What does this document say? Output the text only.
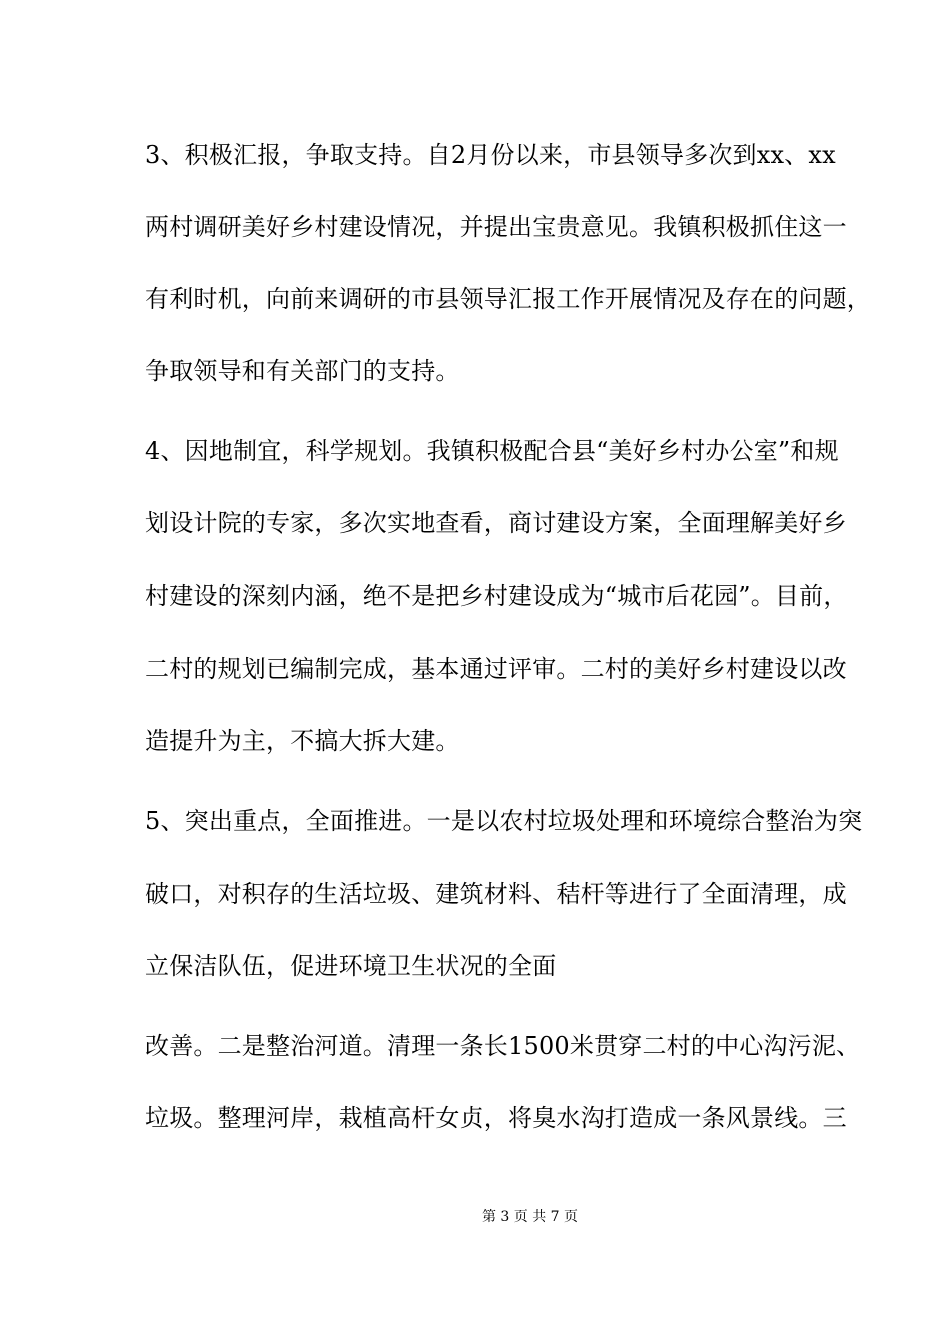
3、积极汇报，争取支持。自2月份以来，市县领导多次到xx、xx
两村调研美好乡村建设情况，并提出宝贵意见。我镇积极抓住这一
有利时机，向前来调研的市县领导汇报工作开展情况及存在的问题，
争取领导和有关部门的支持。
4、因地制宜，科学规划。我镇积极配合县“美好乡村办公室”和规
划设计院的专家，多次实地查看，商讨建设方案，全面理解美好乡
村建设的深刻内涵，绝不是把乡村建设成为“城市后花园”。目前，
二村的规划已编制完成，基本通过评审。二村的美好乡村建设以改
造提升为主，不搞大拆大建。
5、突出重点，全面推进。一是以农村垃圾处理和环境综合整治为突
破口，对积存的生活垃圾、建筑材料、秸杆等进行了全面清理，成
立保洁队伍，促进环境卫生状况的全面
改善。二是整治河道。清理一条长1500米贯穿二村的中心沟污泥、
垃圾。整理河岸，栽植高杆女贞，将臭水沟打造成一条风景线。三
第 3 页 共 7 页
